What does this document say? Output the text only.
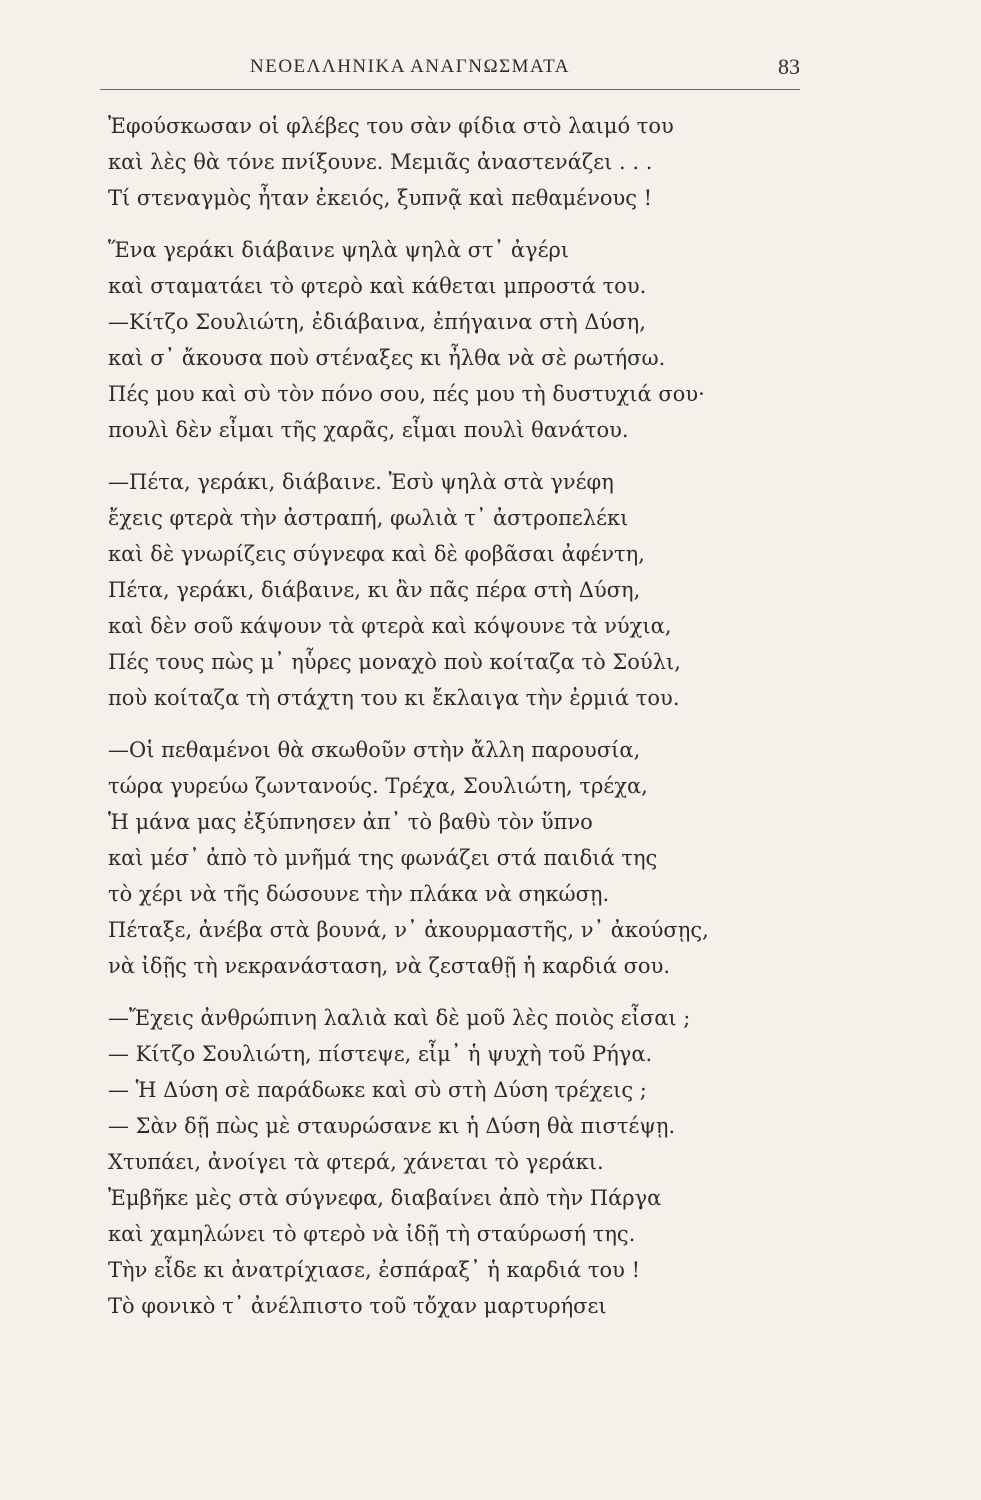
ΝΕΟΕΛΛΗΝΙΚΑ ΑΝΑΓΝΩΣΜΑΤΑ	83
Ἐφούσκωσαν οἱ φλέβες του σὰν φίδια στὸ λαιμό του
καὶ λὲς θὰ τόνε πνίξουνε. Μεμιᾶς ἀναστενάζει . . .
Τί στεναγμὸς ἦταν ἐκειός, ξυπνᾷ καὶ πεθαμένους !
Ἕνα γεράκι διάβαινε ψηλὰ ψηλὰ στ᾽ ἀγέρι
καὶ σταματάει τὸ φτερὸ καὶ κάθεται μπροστά του.
—Κίτζο Σουλιώτη, ἐδιάβαινα, ἐπήγαινα στὴ Δύση,
καὶ σ᾽ ἄκουσα ποὺ στέναξες κι ἦλθα νὰ σὲ ρωτήσω.
Πές μου καὶ σὺ τὸν πόνο σου, πές μου τὴ δυστυχιά σου·
πουλὶ δὲν εἶμαι τῆς χαρᾶς, εἶμαι πουλὶ θανάτου.
—Πέτα, γεράκι, διάβαινε. Ἐσὺ ψηλὰ στὰ γνέφη
ἔχεις φτερὰ τὴν ἀστραπή, φωλιὰ τ᾽ ἀστροπελέκι
καὶ δὲ γνωρίζεις σύγνεφα καὶ δὲ φοβᾶσαι ἀφέντη,
Πέτα, γεράκι, διάβαινε, κι ἂν πᾶς πέρα στὴ Δύση,
καὶ δὲν σοῦ κάψουν τὰ φτερὰ καὶ κόψουνε τὰ νύχια,
Πές τους πὼς μ᾽ ηὗρες μοναχὸ ποὺ κοίταζα τὸ Σούλι,
ποὺ κοίταζα τὴ στάχτη του κι ἔκλαιγα τὴν ἐρμιά του.
—Οἱ πεθαμένοι θὰ σκωθοῦν στὴν ἄλλη παρουσία,
τώρα γυρεύω ζωντανούς. Τρέχα, Σουλιώτη, τρέχα,
Ἡ μάνα μας ἐξύπνησεν ἀπ᾽ τὸ βαθὺ τὸν ὕπνο
καὶ μέσ᾽ ἀπὸ τὸ μνῆμά της φωνάζει στά παιδιά της
τὸ χέρι νὰ τῆς δώσουνε τὴν πλάκα νὰ σηκώσῃ.
Πέταξε, ἀνέβα στὰ βουνά, ν᾽ ἀκουρμαστῆς, ν᾽ ἀκούσῃς,
νὰ ἰδῇς τὴ νεκρανάσταση, νὰ ζεσταθῇ ἡ καρδιά σου.
—Ἔχεις ἀνθρώπινη λαλιὰ καὶ δὲ μοῦ λὲς ποιὸς εἶσαι ;
— Κίτζο Σουλιώτη, πίστεψε, εἶμ᾽ ἡ ψυχὴ τοῦ Ρήγα.
— Ἡ Δύση σὲ παράδωκε καὶ σὺ στὴ Δύση τρέχεις ;
— Σὰν δῇ πὼς μὲ σταυρώσανε κι ἡ Δύση θὰ πιστέψῃ.
Χτυπάει, ἀνοίγει τὰ φτερά, χάνεται τὸ γεράκι.
Ἐμβῆκε μὲς στὰ σύγνεφα, διαβαίνει ἀπὸ τὴν Πάργα
καὶ χαμηλώνει τὸ φτερὸ νὰ ἰδῇ τὴ σταύρωσή της.
Τὴν εἶδε κι ἀνατρίχιασε, ἐσπάραξ᾽ ἡ καρδιά του !
Τὸ φονικὸ τ᾽ ἀνέλπιστο τοῦ τὄχαν μαρτυρήσει
